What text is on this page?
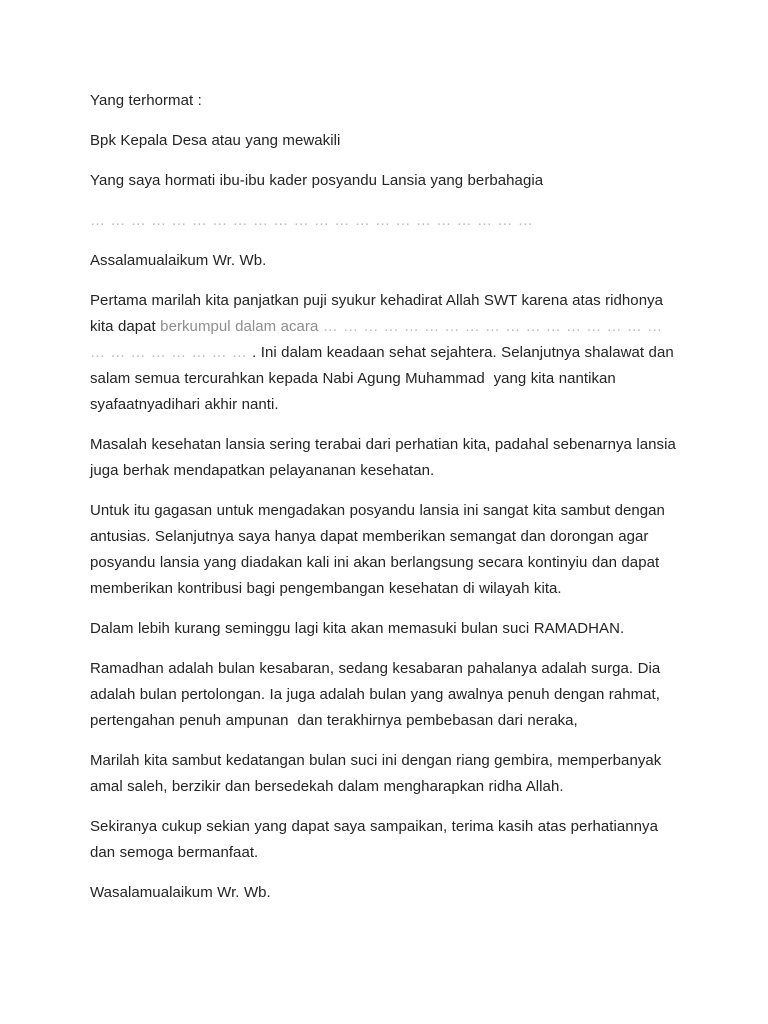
Yang terhormat :

Bpk Kepala Desa atau yang mewakili

Yang saya hormati ibu-ibu kader posyandu Lansia yang berbahagia

… … … … … … … … … … … … … … … … … … … … … …

Assalamualaikum Wr. Wb.

Pertama marilah kita panjatkan puji syukur kehadirat Allah SWT karena atas ridhonya kita dapat berkumpul dalam acara … … … … … … … … … … … … … … … … … … … … … … … … … . Ini dalam keadaan sehat sejahtera. Selanjutnya shalawat dan salam semua tercurahkan kepada Nabi Agung Muhammad  yang kita nantikan syafaatnyadihari akhir nanti.

Masalah kesehatan lansia sering terabai dari perhatian kita, padahal sebenarnya lansia juga berhak mendapatkan pelayananan kesehatan.

Untuk itu gagasan untuk mengadakan posyandu lansia ini sangat kita sambut dengan antusias. Selanjutnya saya hanya dapat memberikan semangat dan dorongan agar posyandu lansia yang diadakan kali ini akan berlangsung secara kontinyiu dan dapat memberikan kontribusi bagi pengembangan kesehatan di wilayah kita.

Dalam lebih kurang seminggu lagi kita akan memasuki bulan suci RAMADHAN.

Ramadhan adalah bulan kesabaran, sedang kesabaran pahalanya adalah surga. Dia adalah bulan pertolongan. Ia juga adalah bulan yang awalnya penuh dengan rahmat, pertengahan penuh ampunan  dan terakhirnya pembebasan dari neraka,

Marilah kita sambut kedatangan bulan suci ini dengan riang gembira, memperbanyak amal saleh, berzikir dan bersedekah dalam mengharapkan ridha Allah.

Sekiranya cukup sekian yang dapat saya sampaikan, terima kasih atas perhatiannya dan semoga bermanfaat.

Wasalamualaikum Wr. Wb.
